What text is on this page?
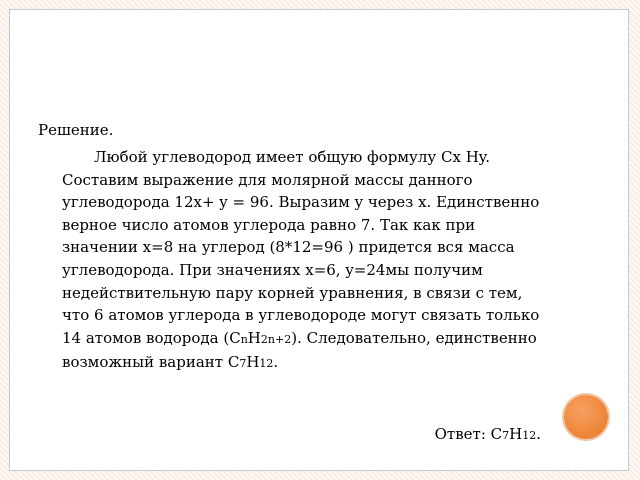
Решение.
Любой углеводород имеет общую формулу Cx Hy. Составим выражение для молярной массы данного углеводорода 12x+ y = 96. Выразим y через x. Единственно верное число атомов углерода равно 7. Так как при значении x=8 на углерод (8*12=96 ) придется вся масса углеводорода. При значениях x=6, y=24мы получим недействительную пару корней уравнения, в связи с тем, что 6 атомов углерода в углеводороде могут связать только 14 атомов водорода (CnH2n+2). Следовательно, единственно возможный вариант C7H12.
Ответ: C7H12.
